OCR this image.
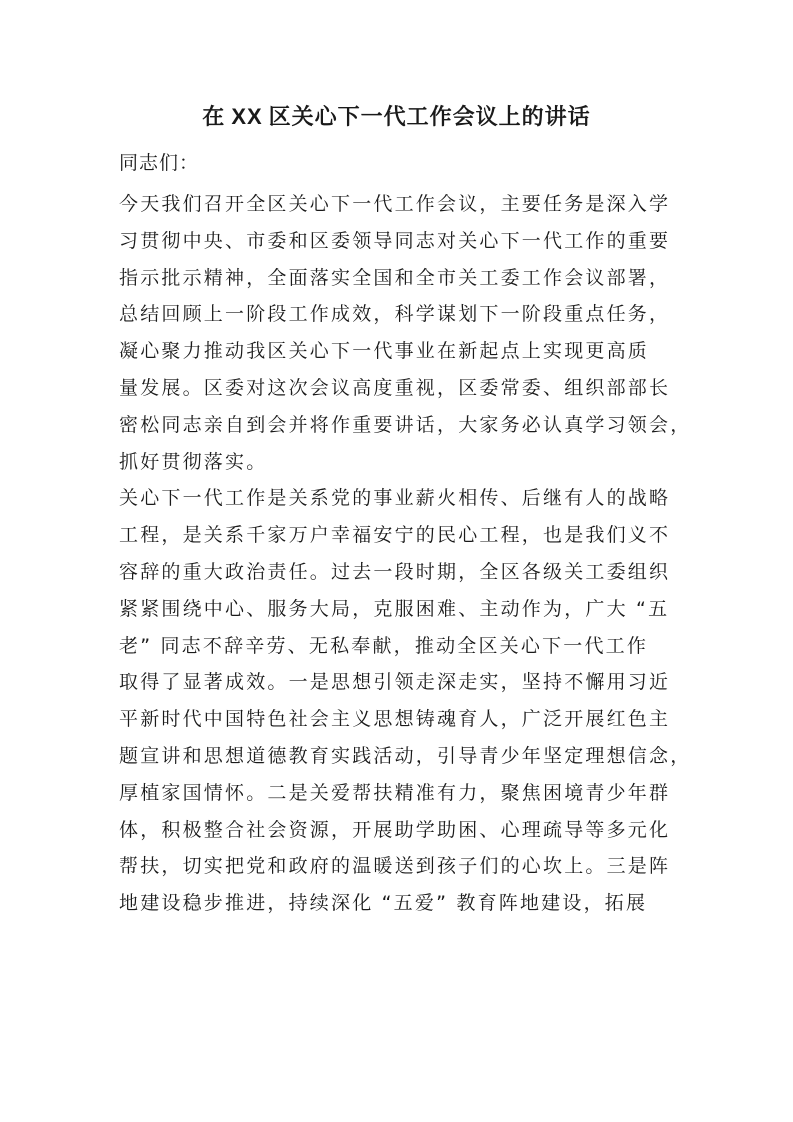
在 XX 区关心下一代工作会议上的讲话
同志们：
今天我们召开全区关心下一代工作会议，主要任务是深入学
习贯彻中央、市委和区委领导同志对关心下一代工作的重要
指示批示精神，全面落实全国和全市关工委工作会议部署，
总结回顾上一阶段工作成效，科学谋划下一阶段重点任务，
凝心聚力推动我区关心下一代事业在新起点上实现更高质
量发展。区委对这次会议高度重视，区委常委、组织部部长
密松同志亲自到会并将作重要讲话，大家务必认真学习领会，
抓好贯彻落实。
关心下一代工作是关系党的事业薪火相传、后继有人的战略
工程，是关系千家万户幸福安宁的民心工程，也是我们义不
容辞的重大政治责任。过去一段时期，全区各级关工委组织
紧紧围绕中心、服务大局，克服困难、主动作为，广大 “五
老” 同志不辞辛劳、无私奉献，推动全区关心下一代工作
取得了显著成效。一是思想引领走深走实，坚持不懈用习近
平新时代中国特色社会主义思想铸魂育人，广泛开展红色主
题宣讲和思想道德教育实践活动，引导青少年坚定理想信念，
厚植家国情怀。二是关爱帮扶精准有力，聚焦困境青少年群
体，积极整合社会资源，开展助学助困、心理疏导等多元化
帮扶，切实把党和政府的温暖送到孩子们的心坎上。三是阵
地建设稳步推进，持续深化 “五爱” 教育阵地建设，拓展
